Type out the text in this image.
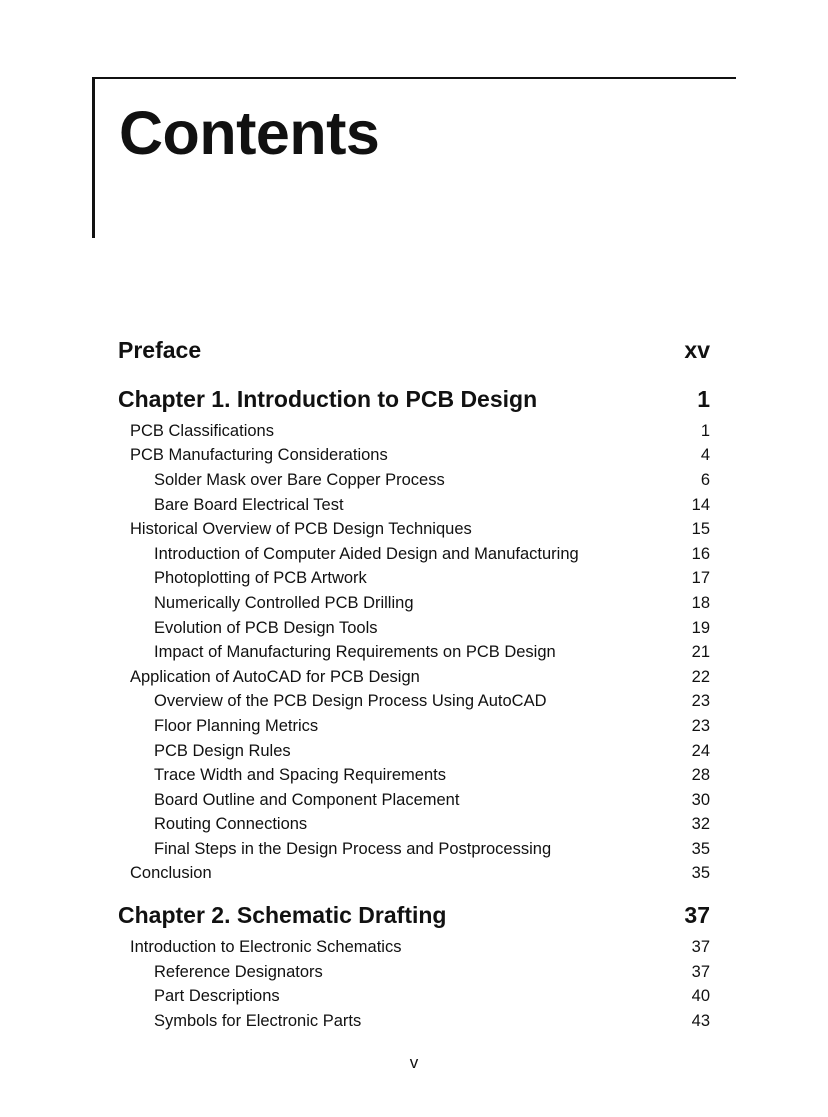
Contents
Preface	xv
Chapter 1. Introduction to PCB Design	1
PCB Classifications	1
PCB Manufacturing Considerations	4
Solder Mask over Bare Copper Process	6
Bare Board Electrical Test	14
Historical Overview of PCB Design Techniques	15
Introduction of Computer Aided Design and Manufacturing	16
Photoplotting of PCB Artwork	17
Numerically Controlled PCB Drilling	18
Evolution of PCB Design Tools	19
Impact of Manufacturing Requirements on PCB Design	21
Application of AutoCAD for PCB Design	22
Overview of the PCB Design Process Using AutoCAD	23
Floor Planning Metrics	23
PCB Design Rules	24
Trace Width and Spacing Requirements	28
Board Outline and Component Placement	30
Routing Connections	32
Final Steps in the Design Process and Postprocessing	35
Conclusion	35
Chapter 2. Schematic Drafting	37
Introduction to Electronic Schematics	37
Reference Designators	37
Part Descriptions	40
Symbols for Electronic Parts	43
v
